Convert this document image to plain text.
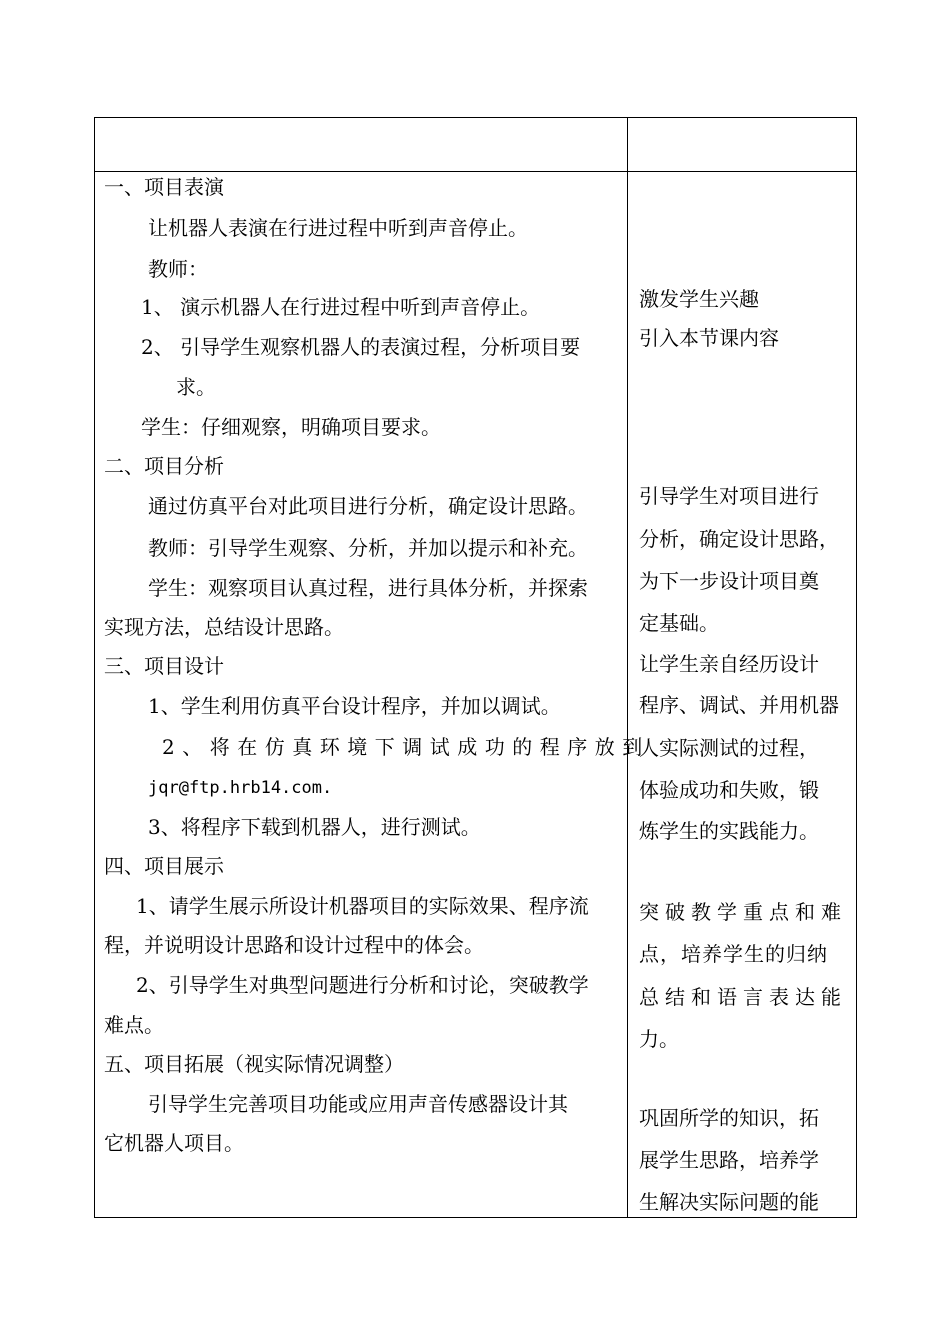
一、项目表演
让机器人表演在行进过程中听到声音停止。
教师：
1、 演示机器人在行进过程中听到声音停止。
2、 引导学生观察机器人的表演过程，分析项目要
求。
学生：仔细观察，明确项目要求。
二、项目分析
通过仿真平台对此项目进行分析，确定设计思路。
教师：引导学生观察、分析，并加以提示和补充。
学生：观察项目认真过程，进行具体分析，并探索
实现方法，总结设计思路。
三、项目设计
1、学生利用仿真平台设计程序，并加以调试。
2、将在仿真环境下调试成功的程序放到
jqr@ftp.hrb14.com.
3、将程序下载到机器人，进行测试。
四、项目展示
1、请学生展示所设计机器项目的实际效果、程序流
程，并说明设计思路和设计过程中的体会。
2、引导学生对典型问题进行分析和讨论，突破教学
难点。
五、项目拓展（视实际情况调整）
引导学生完善项目功能或应用声音传感器设计其
它机器人项目。
激发学生兴趣
引入本节课内容
引导学生对项目进行
分析，确定设计思路，
为下一步设计项目奠
定基础。
让学生亲自经历设计
程序、调试、并用机器
人实际测试的过程，
体验成功和失败，锻
炼学生的实践能力。
突破教学重点和难
点，培养学生的归纳
总结和语言表达能
力。
巩固所学的知识，拓
展学生思路，培养学
生解决实际问题的能
